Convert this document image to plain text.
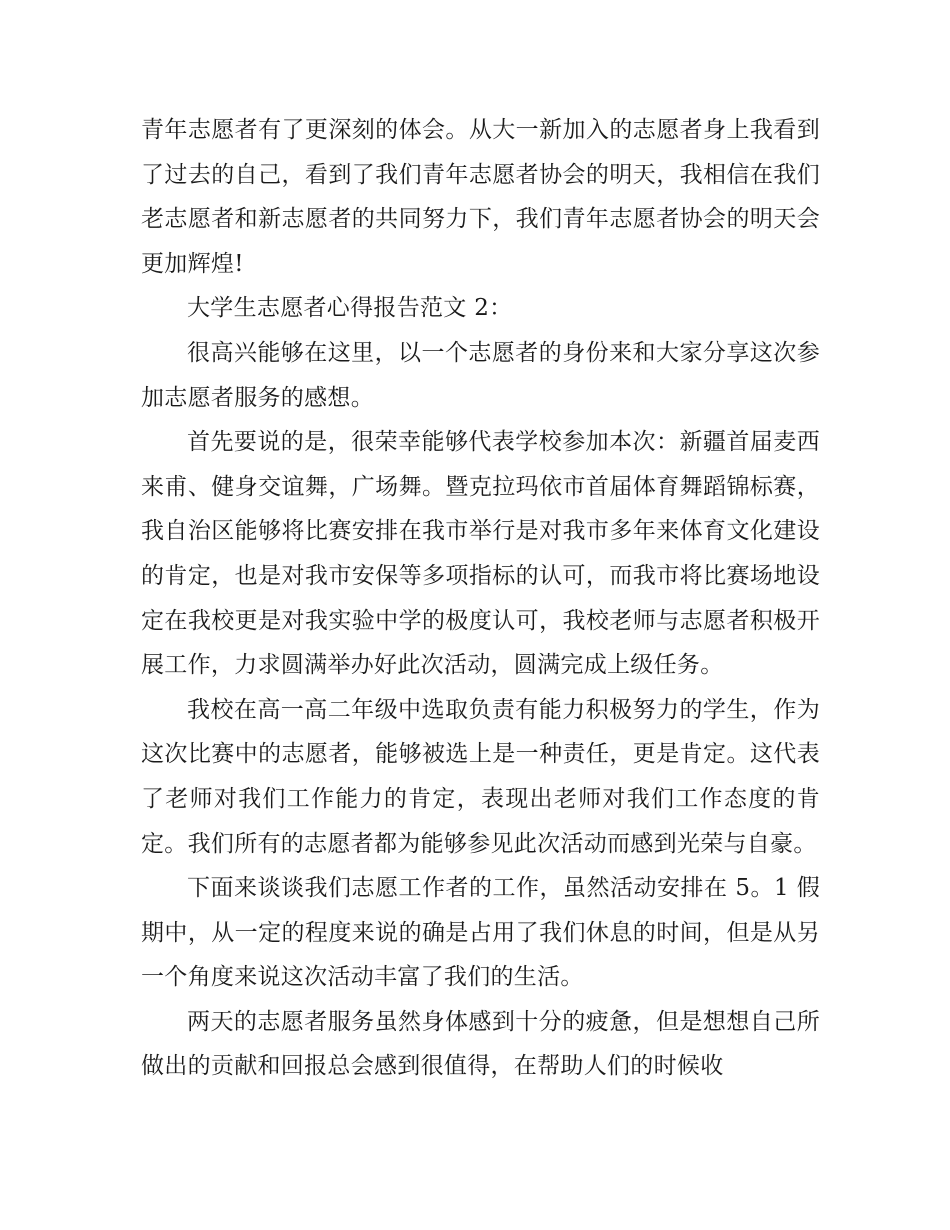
青年志愿者有了更深刻的体会。从大一新加入的志愿者身上我看到了过去的自己，看到了我们青年志愿者协会的明天，我相信在我们老志愿者和新志愿者的共同努力下，我们青年志愿者协会的明天会更加辉煌!

大学生志愿者心得报告范文 2：

很高兴能够在这里，以一个志愿者的身份来和大家分享这次参加志愿者服务的感想。

首先要说的是，很荣幸能够代表学校参加本次：新疆首届麦西来甫、健身交谊舞，广场舞。暨克拉玛依市首届体育舞蹈锦标赛，我自治区能够将比赛安排在我市举行是对我市多年来体育文化建设的肯定，也是对我市安保等多项指标的认可，而我市将比赛场地设定在我校更是对我实验中学的极度认可，我校老师与志愿者积极开展工作，力求圆满举办好此次活动，圆满完成上级任务。

我校在高一高二年级中选取负责有能力积极努力的学生，作为这次比赛中的志愿者，能够被选上是一种责任，更是肯定。这代表了老师对我们工作能力的肯定，表现出老师对我们工作态度的肯定。我们所有的志愿者都为能够参见此次活动而感到光荣与自豪。

下面来谈谈我们志愿工作者的工作，虽然活动安排在 5。1 假期中，从一定的程度来说的确是占用了我们休息的时间，但是从另一个角度来说这次活动丰富了我们的生活。

两天的志愿者服务虽然身体感到十分的疲惫，但是想想自己所做出的贡献和回报总会感到很值得，在帮助人们的时候收
